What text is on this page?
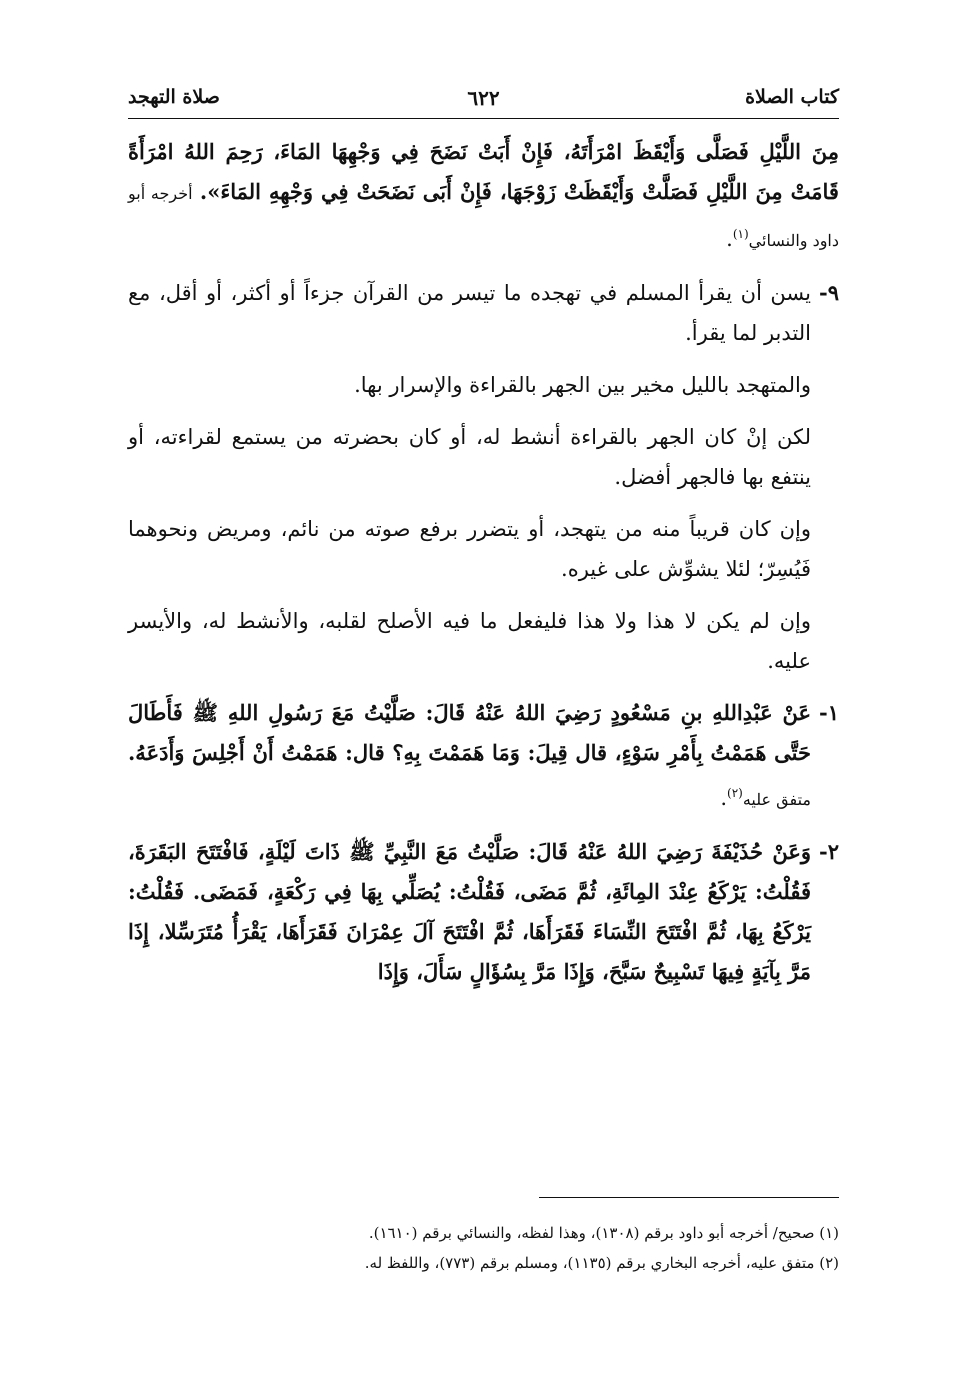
كتاب الصلاة
٦٢٢
صلاة التهجد

مِنَ اللَّيْلِ فَصَلَّى وَأَيْقَظَ امْرَأَتَهُ، فَإِنْ أَبَتْ نَضَحَ فِي وَجْهِهَا المَاءَ، رَحِمَ اللهُ امْرَأَةً قَامَتْ مِنَ اللَّيْلِ فَصَلَّتْ وَأَيْقَظَتْ زَوْجَهَا، فَإِنْ أَبَى نَضَحَتْ فِي وَجْهِهِ المَاءَ». أخرجه أبو داود والنسائي$^{(١)}$.

٩-
يسن أن يقرأ المسلم في تهجده ما تيسر من القرآن جزءاً أو أكثر، أو أقل، مع التدبر لما يقرأ.

والمتهجد بالليل مخير بين الجهر بالقراءة والإسرار بها.

لكن إنْ كان الجهر بالقراءة أنشط له، أو كان بحضرته من يستمع لقراءته، أو ينتفع بها فالجهر أفضل.

وإن كان قريباً منه من يتهجد، أو يتضرر برفع صوته من نائم، ومريض ونحوهما فَيُسِرّ؛ لئلا يشوِّش على غيره.

وإن لم يكن لا هذا ولا هذا فليفعل ما فيه الأصلح لقلبه، والأنشط له، والأيسر عليه.

١-
عَنْ عَبْدِاللهِ بنِ مَسْعُودٍ رَضِيَ اللهُ عَنْهُ قَالَ: صَلَّيْتُ مَعَ رَسُولِ اللهِ ﷺ فَأَطَالَ حَتَّى هَمَمْتُ بِأَمْرِ سَوْءٍ، قال قِيلَ: وَمَا هَمَمْتَ بِهِ؟ قال: هَمَمْتُ أَنْ أَجْلِسَ وَأَدَعَهُ. متفق عليه$^{(٢)}$.

٢-
وَعَنْ حُذَيْفَةَ رَضِيَ اللهُ عَنْهُ قَالَ: صَلَّيْتُ مَعَ النَّبِيِّ ﷺ ذَاتَ لَيْلَةٍ، فَافْتَتَحَ البَقَرَةَ، فَقُلْتُ: يَرْكَعُ عِنْدَ المِائَةِ، ثُمَّ مَضَى، فَقُلْتُ: يُصَلِّي بِهَا فِي رَكْعَةٍ، فَمَضَى. فَقُلْتُ: يَرْكَعُ بِهَا، ثُمَّ افْتَتَحَ النِّسَاءَ فَقَرَأَهَا، ثُمَّ افْتَتَحَ آلَ عِمْرَانَ فَقَرَأَهَا، يَقْرَأُ مُتَرَسِّلا، إِذَا مَرَّ بِآيَةٍ فِيهَا تَسْبِيحٌ سَبَّحَ، وَإِذَا مَرَّ بِسُؤَالٍ سَأَلَ، وَإِذَا

(١) صحيح/ أخرجه أبو داود برقم (١٣٠٨)، وهذا لفظه، والنسائي برقم (١٦١٠).
(٢) متفق عليه، أخرجه البخاري برقم (١١٣٥)، ومسلم برقم (٧٧٣)، واللفظ له.
